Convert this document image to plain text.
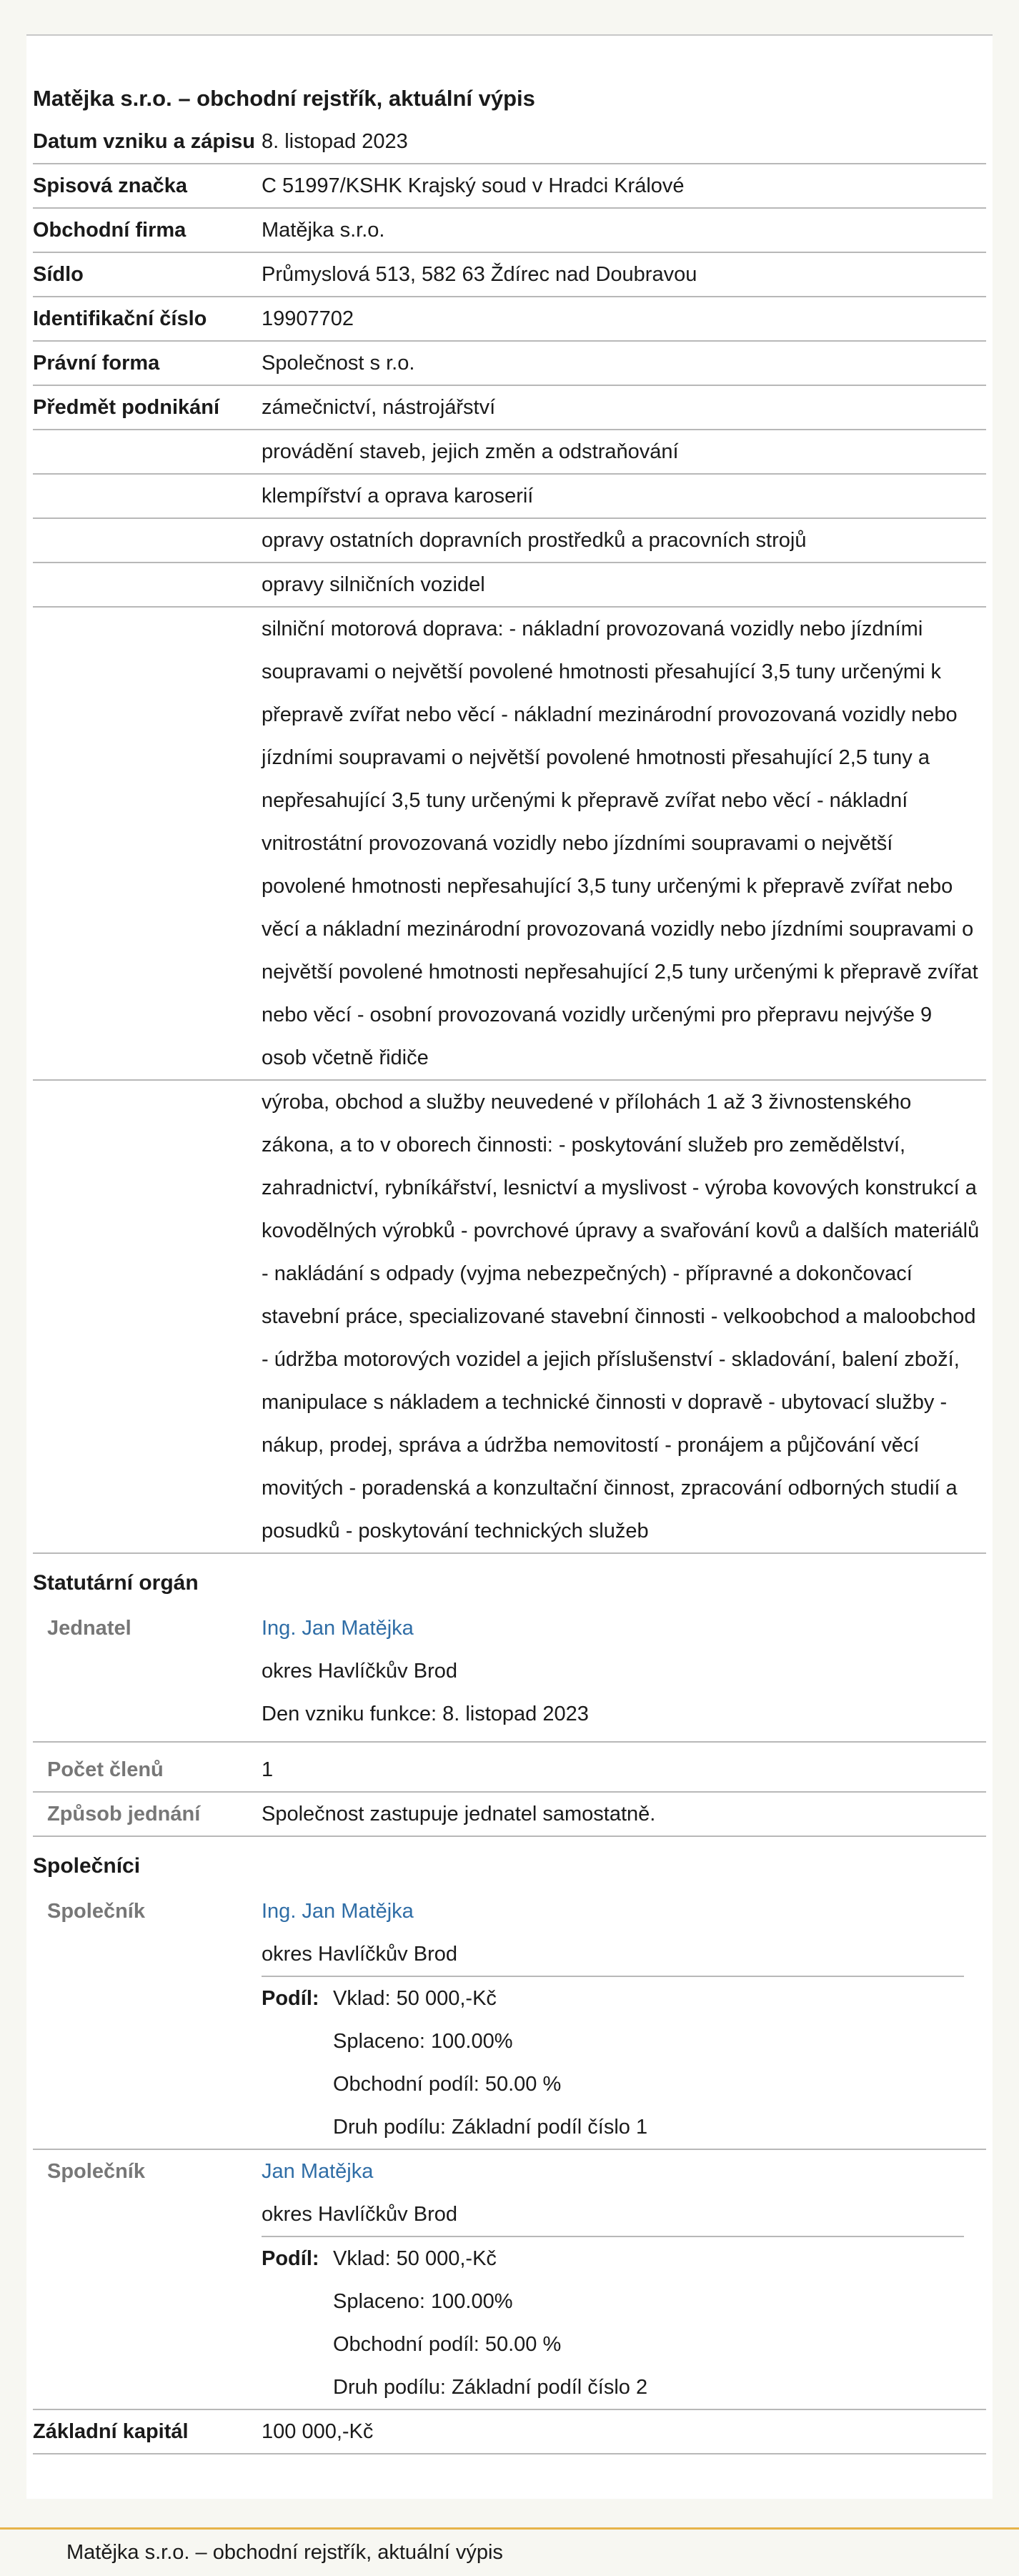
Matějka s.r.o. – obchodní rejstřík, aktuální výpis
Datum vzniku a zápisu 8. listopad 2023
Spisová značka	C 51997/KSHK Krajský soud v Hradci Králové
Obchodní firma	Matějka s.r.o.
Sídlo	Průmyslová 513, 582 63 Ždírec nad Doubravou
Identifikační číslo	19907702
Právní forma	Společnost s r.o.
Předmět podnikání	zámečnictví, nástrojářství
provádění staveb, jejich změn a odstraňování
klempířství a oprava karoserií
opravy ostatních dopravních prostředků a pracovních strojů
opravy silničních vozidel
silniční motorová doprava: - nákladní provozovaná vozidly nebo jízdními soupravami o největší povolené hmotnosti přesahující 3,5 tuny určenými k přepravě zvířat nebo věcí - nákladní mezinárodní provozovaná vozidly nebo jízdními soupravami o největší povolené hmotnosti přesahující 2,5 tuny a nepřesahující 3,5 tuny určenými k přepravě zvířat nebo věcí - nákladní vnitrostátní provozovaná vozidly nebo jízdními soupravami o největší povolené hmotnosti nepřesahující 3,5 tuny určenými k přepravě zvířat nebo věcí a nákladní mezinárodní provozovaná vozidly nebo jízdními soupravami o největší povolené hmotnosti nepřesahující 2,5 tuny určenými k přepravě zvířat nebo věcí - osobní provozovaná vozidly určenými pro přepravu nejvýše 9 osob včetně řidiče
výroba, obchod a služby neuvedené v přílohách 1 až 3 živnostenského zákona, a to v oborech činnosti: - poskytování služeb pro zemědělství, zahradnictví, rybníkářství, lesnictví a myslivost - výroba kovových konstrukcí a kovodělných výrobků - povrchové úpravy a svařování kovů a dalších materiálů - nakládání s odpady (vyjma nebezpečných) - přípravné a dokončovací stavební práce, specializované stavební činnosti - velkoobchod a maloobchod - údržba motorových vozidel a jejich příslušenství - skladování, balení zboží, manipulace s nákladem a technické činnosti v dopravě - ubytovací služby - nákup, prodej, správa a údržba nemovitostí - pronájem a půjčování věcí movitých - poradenská a konzultační činnost, zpracování odborných studií a posudků - poskytování technických služeb
Statutární orgán
Jednatel	Ing. Jan Matějka
okres Havlíčkův Brod
Den vzniku funkce: 8. listopad 2023
Počet členů	1
Způsob jednání	Společnost zastupuje jednatel samostatně.
Společníci
Společník	Ing. Jan Matějka
okres Havlíčkův Brod
Podíl: Vklad: 50 000,-Kč
Splaceno: 100.00%
Obchodní podíl: 50.00 %
Druh podílu: Základní podíl číslo 1
Společník	Jan Matějka
okres Havlíčkův Brod
Podíl: Vklad: 50 000,-Kč
Splaceno: 100.00%
Obchodní podíl: 50.00 %
Druh podílu: Základní podíl číslo 2
Základní kapitál	100 000,-Kč
Matějka s.r.o. – obchodní rejstřík, aktuální výpis
